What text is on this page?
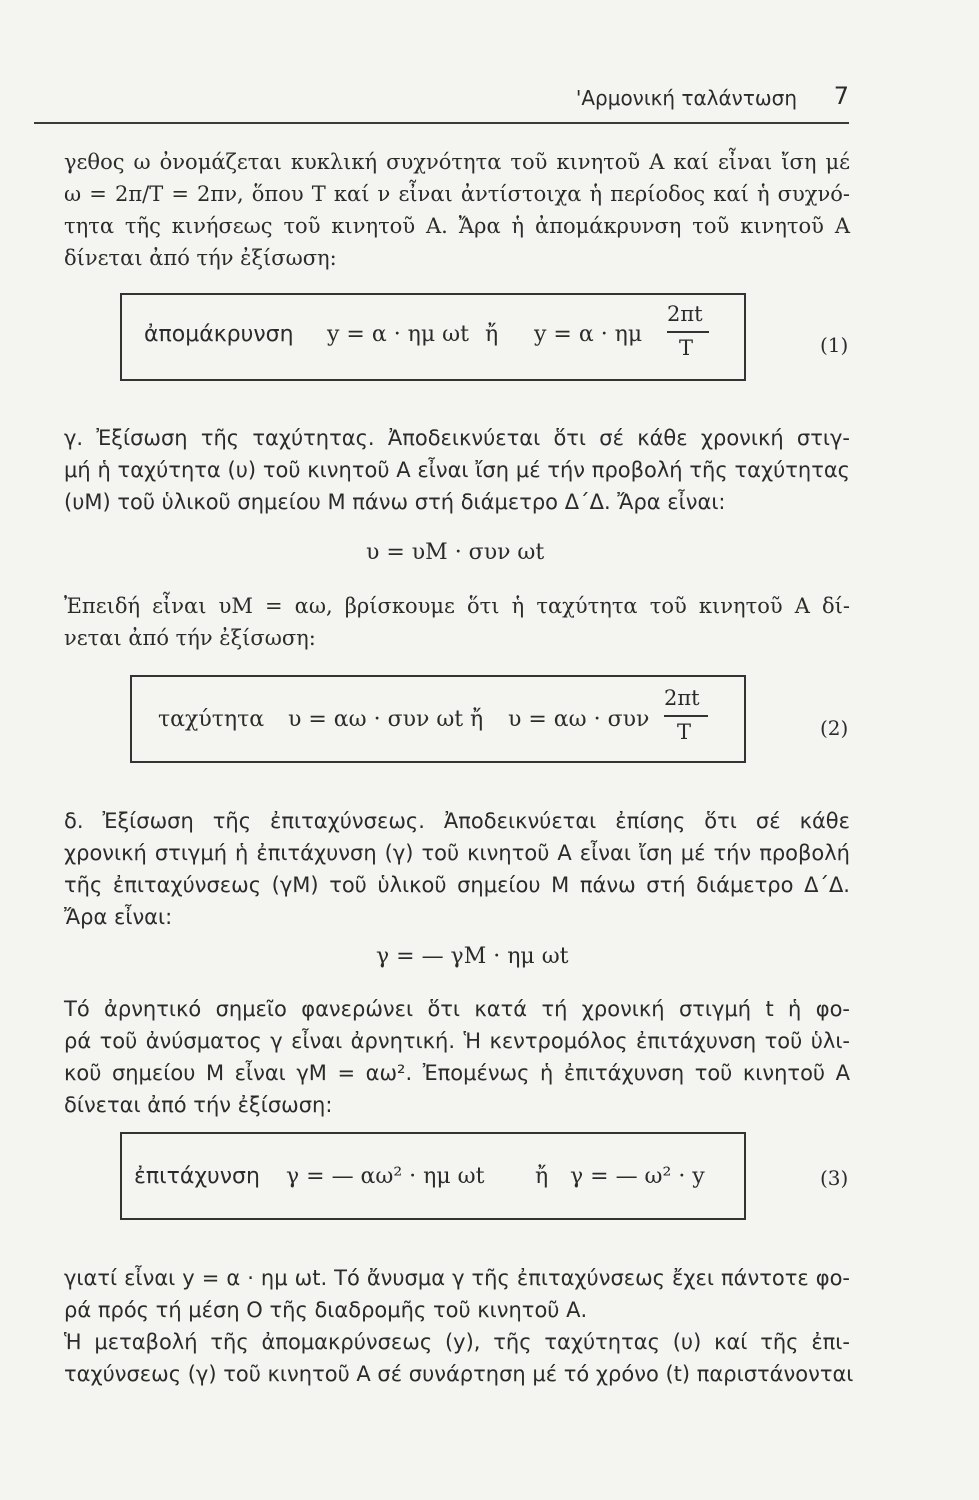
'Αρμονική ταλάντωση 7
γεθος ω ὀνομάζεται κυκλική συχνότητα τοῦ κινητοῦ Α καί εἶναι ἴση μέ
ω = 2π/Τ = 2πν, ὅπου Τ καί ν εἶναι ἀντίστοιχα ἡ περίοδος καί ἡ συχνό-
τητα τῆς κινήσεως τοῦ κινητοῦ Α. Ἄρα ἡ ἀπομάκρυνση τοῦ κινητοῦ Α
δίνεται ἀπό τήν ἐξίσωση:
ἀπομάκρυνση y = α · ημ ωt ἤ y = α · ημ
2πt
T	(1)
γ. Ἐξίσωση τῆς ταχύτητας. Ἀποδεικνύεται ὅτι σέ κάθε χρονική στιγ-
μή ἡ ταχύτητα (υ) τοῦ κινητοῦ Α εἶναι ἴση μέ τήν προβολή τῆς ταχύτητας
(υΜ) τοῦ ὑλικοῦ σημείου Μ πάνω στή διάμετρο Δ΄Δ. Ἄρα εἶναι:
υ = υΜ · συν ωt
Ἐπειδή εἶναι υΜ = αω, βρίσκουμε ὅτι ἡ ταχύτητα τοῦ κινητοῦ Α δί-
νεται ἀπό τήν ἐξίσωση:
ταχύτητα υ = αω · συν ωt ἤ υ = αω · συν
2πt
T	(2)
δ. Ἐξίσωση τῆς ἐπιταχύνσεως. Ἀποδεικνύεται ἐπίσης ὅτι σέ κάθε
χρονική στιγμή ἡ ἐπιτάχυνση (γ) τοῦ κινητοῦ Α εἶναι ἴση μέ τήν προβολή
τῆς ἐπιταχύνσεως (γΜ) τοῦ ὑλικοῦ σημείου Μ πάνω στή διάμετρο Δ΄Δ.
Ἄρα εἶναι:
γ = — γΜ · ημ ωt
Τό ἀρνητικό σημεῖο φανερώνει ὅτι κατά τή χρονική στιγμή t ἡ φο-
ρά τοῦ ἀνύσματος γ εἶναι ἀρνητική. Ἡ κεντρομόλος ἐπιτάχυνση τοῦ ὑλι-
κοῦ σημείου Μ εἶναι γΜ = αω². Ἐπομένως ἡ ἐπιτάχυνση τοῦ κινητοῦ Α
δίνεται ἀπό τήν ἐξίσωση:
ἐπιτάχυνση γ = — αω² · ημ ωt ἤ γ = — ω² · y	(3)
γιατί εἶναι y = α · ημ ωt. Τό ἄνυσμα γ τῆς ἐπιταχύνσεως ἔχει πάντοτε φο-
ρά πρός τή μέση Ο τῆς διαδρομῆς τοῦ κινητοῦ Α.
Ἡ μεταβολή τῆς ἀπομακρύνσεως (y), τῆς ταχύτητας (υ) καί τῆς ἐπι-
ταχύνσεως (γ) τοῦ κινητοῦ Α σέ συνάρτηση μέ τό χρόνο (t) παριστάνονται
